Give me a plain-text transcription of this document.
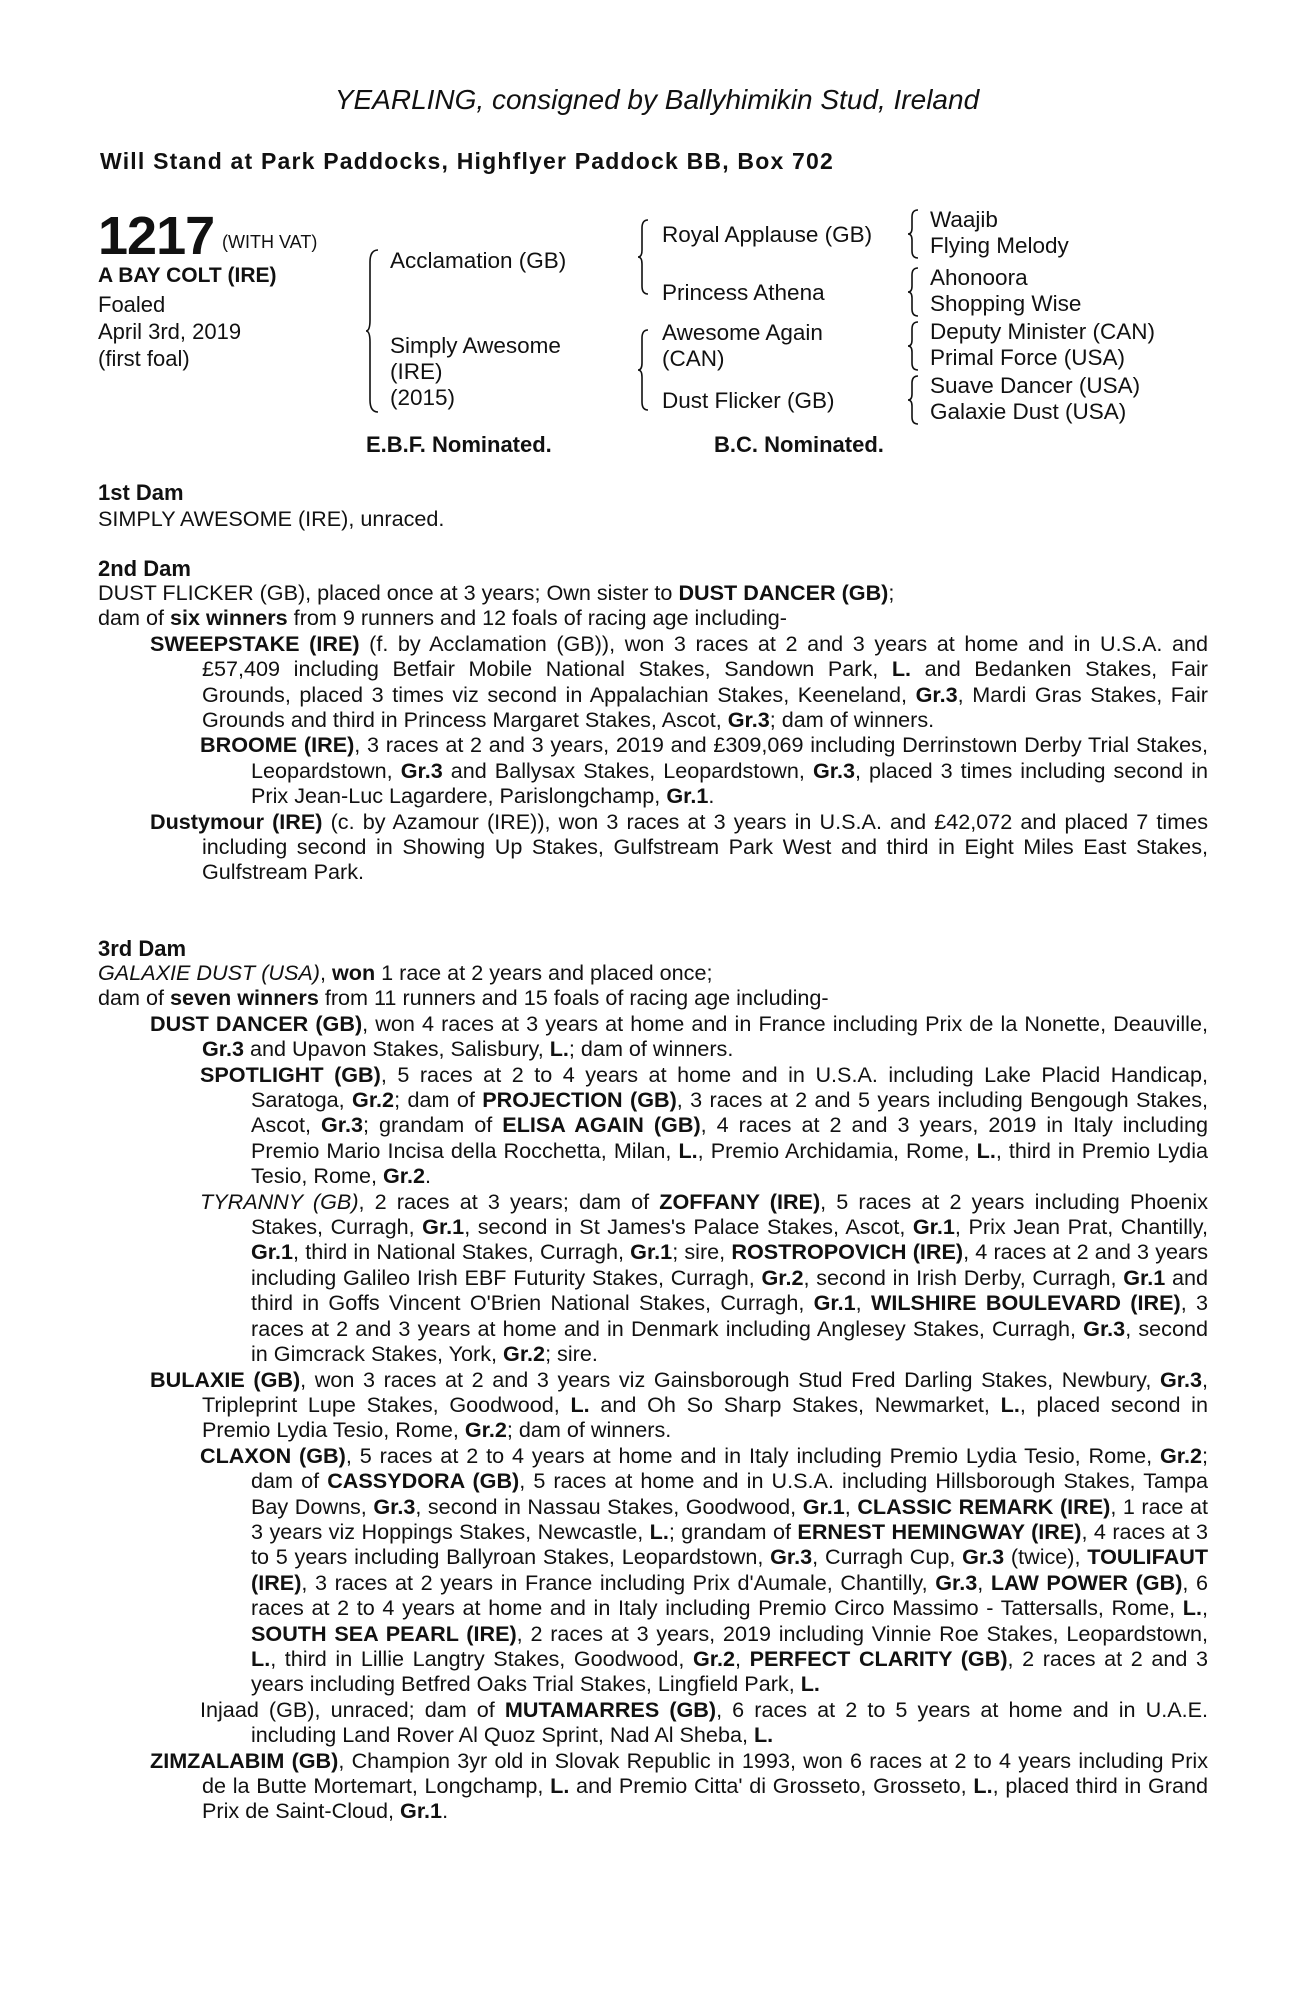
YEARLING, consigned by Ballyhimikin Stud, Ireland
Will Stand at Park Paddocks, Highflyer Paddock BB, Box 702
1217 (WITH VAT)
A BAY COLT (IRE)
Foaled
April 3rd, 2019
(first foal)
Acclamation (GB)
Simply Awesome
(IRE)
(2015)
Royal Applause (GB)
Princess Athena
Awesome Again
(CAN)
Dust Flicker (GB)
Waajib
Flying Melody
Ahonoora
Shopping Wise
Deputy Minister (CAN)
Primal Force (USA)
Suave Dancer (USA)
Galaxie Dust (USA)
E.B.F. Nominated.	B.C. Nominated.
1st Dam
SIMPLY AWESOME (IRE), unraced.
2nd Dam
DUST FLICKER (GB), placed once at 3 years; Own sister to DUST DANCER (GB);
dam of six winners from 9 runners and 12 foals of racing age including-
SWEEPSTAKE (IRE) (f. by Acclamation (GB)), won 3 races at 2 and 3 years at home and in U.S.A. and £57,409 including Betfair Mobile National Stakes, Sandown Park, L. and Bedanken Stakes, Fair Grounds, placed 3 times viz second in Appalachian Stakes, Keeneland, Gr.3, Mardi Gras Stakes, Fair Grounds and third in Princess Margaret Stakes, Ascot, Gr.3; dam of winners.
BROOME (IRE), 3 races at 2 and 3 years, 2019 and £309,069 including Derrinstown Derby Trial Stakes, Leopardstown, Gr.3 and Ballysax Stakes, Leopardstown, Gr.3, placed 3 times including second in Prix Jean-Luc Lagardere, Parislongchamp, Gr.1.
Dustymour (IRE) (c. by Azamour (IRE)), won 3 races at 3 years in U.S.A. and £42,072 and placed 7 times including second in Showing Up Stakes, Gulfstream Park West and third in Eight Miles East Stakes, Gulfstream Park.
3rd Dam
GALAXIE DUST (USA), won 1 race at 2 years and placed once;
dam of seven winners from 11 runners and 15 foals of racing age including-
DUST DANCER (GB), won 4 races at 3 years at home and in France including Prix de la Nonette, Deauville, Gr.3 and Upavon Stakes, Salisbury, L.; dam of winners.
SPOTLIGHT (GB), 5 races at 2 to 4 years at home and in U.S.A. including Lake Placid Handicap, Saratoga, Gr.2; dam of PROJECTION (GB), 3 races at 2 and 5 years including Bengough Stakes, Ascot, Gr.3; grandam of ELISA AGAIN (GB), 4 races at 2 and 3 years, 2019 in Italy including Premio Mario Incisa della Rocchetta, Milan, L., Premio Archidamia, Rome, L., third in Premio Lydia Tesio, Rome, Gr.2.
TYRANNY (GB), 2 races at 3 years; dam of ZOFFANY (IRE), 5 races at 2 years including Phoenix Stakes, Curragh, Gr.1, second in St James's Palace Stakes, Ascot, Gr.1, Prix Jean Prat, Chantilly, Gr.1, third in National Stakes, Curragh, Gr.1; sire, ROSTROPOVICH (IRE), 4 races at 2 and 3 years including Galileo Irish EBF Futurity Stakes, Curragh, Gr.2, second in Irish Derby, Curragh, Gr.1 and third in Goffs Vincent O'Brien National Stakes, Curragh, Gr.1, WILSHIRE BOULEVARD (IRE), 3 races at 2 and 3 years at home and in Denmark including Anglesey Stakes, Curragh, Gr.3, second in Gimcrack Stakes, York, Gr.2; sire.
BULAXIE (GB), won 3 races at 2 and 3 years viz Gainsborough Stud Fred Darling Stakes, Newbury, Gr.3, Tripleprint Lupe Stakes, Goodwood, L. and Oh So Sharp Stakes, Newmarket, L., placed second in Premio Lydia Tesio, Rome, Gr.2; dam of winners.
CLAXON (GB), 5 races at 2 to 4 years at home and in Italy including Premio Lydia Tesio, Rome, Gr.2; dam of CASSYDORA (GB), 5 races at home and in U.S.A. including Hillsborough Stakes, Tampa Bay Downs, Gr.3, second in Nassau Stakes, Goodwood, Gr.1, CLASSIC REMARK (IRE), 1 race at 3 years viz Hoppings Stakes, Newcastle, L.; grandam of ERNEST HEMINGWAY (IRE), 4 races at 3 to 5 years including Ballyroan Stakes, Leopardstown, Gr.3, Curragh Cup, Gr.3 (twice), TOULIFAUT (IRE), 3 races at 2 years in France including Prix d'Aumale, Chantilly, Gr.3, LAW POWER (GB), 6 races at 2 to 4 years at home and in Italy including Premio Circo Massimo - Tattersalls, Rome, L., SOUTH SEA PEARL (IRE), 2 races at 3 years, 2019 including Vinnie Roe Stakes, Leopardstown, L., third in Lillie Langtry Stakes, Goodwood, Gr.2, PERFECT CLARITY (GB), 2 races at 2 and 3 years including Betfred Oaks Trial Stakes, Lingfield Park, L.
Injaad (GB), unraced; dam of MUTAMARRES (GB), 6 races at 2 to 5 years at home and in U.A.E. including Land Rover Al Quoz Sprint, Nad Al Sheba, L.
ZIMZALABIM (GB), Champion 3yr old in Slovak Republic in 1993, won 6 races at 2 to 4 years including Prix de la Butte Mortemart, Longchamp, L. and Premio Citta' di Grosseto, Grosseto, L., placed third in Grand Prix de Saint-Cloud, Gr.1.
